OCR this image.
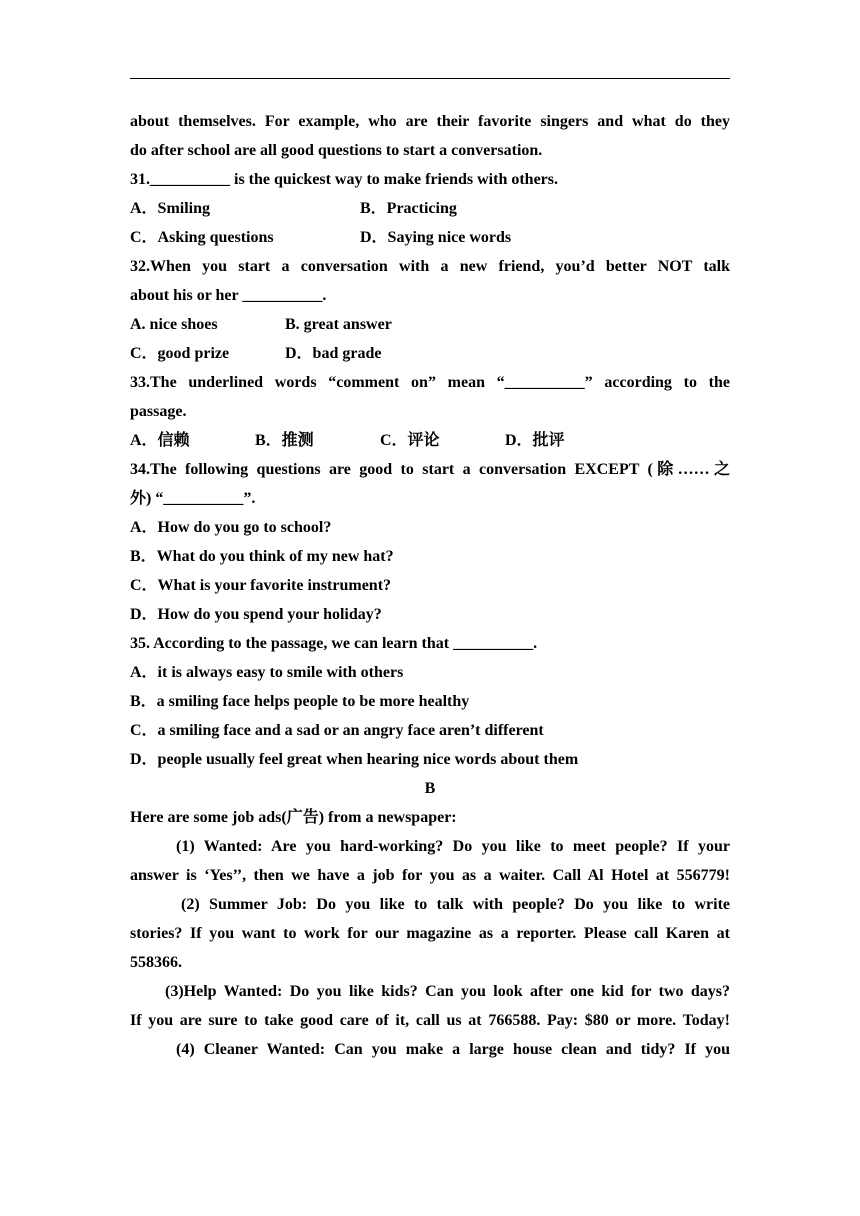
about themselves. For example, who are their favorite singers and what do they
do after school are all good questions to start a conversation.
31.__________ is the quickest way to make friends with others.
A．Smiling	B．Practicing
C．Asking questions	D．Saying nice words
32.When you start a conversation with a new friend, you’d better NOT talk
about his or her __________.
A. nice shoes	B. great answer
C．good prize	D．bad grade
33.The underlined words “comment on” mean “__________” according to the
passage.
A．信赖	B．推测	C．评论	D．批评
34.The following questions are good to start a conversation EXCEPT (除……之
外) “__________”.
A．How do you go to school?
B．What do you think of my new hat?
C．What is your favorite instrument?
D．How do you spend your holiday?
35. According to the passage, we can learn that __________.
A．it is always easy to smile with others
B．a smiling face helps people to be more healthy
C．a smiling face and a sad or an angry face aren’t different
D．people usually feel great when hearing nice words about them
B
Here are some job ads(广告) from a newspaper:
(1) Wanted: Are you hard-working? Do you like to meet people? If your
answer is ‘Yes’’, then we have a job for you as a waiter. Call Al Hotel at 556779!
(2) Summer Job: Do you like to talk with people? Do you like to write
stories? If you want to work for our magazine as a reporter. Please call Karen at
558366.
(3)Help Wanted: Do you like kids? Can you look after one kid for two days?
If you are sure to take good care of it, call us at 766588. Pay: $80 or more. Today!
(4) Cleaner Wanted: Can you make a large house clean and tidy? If you
